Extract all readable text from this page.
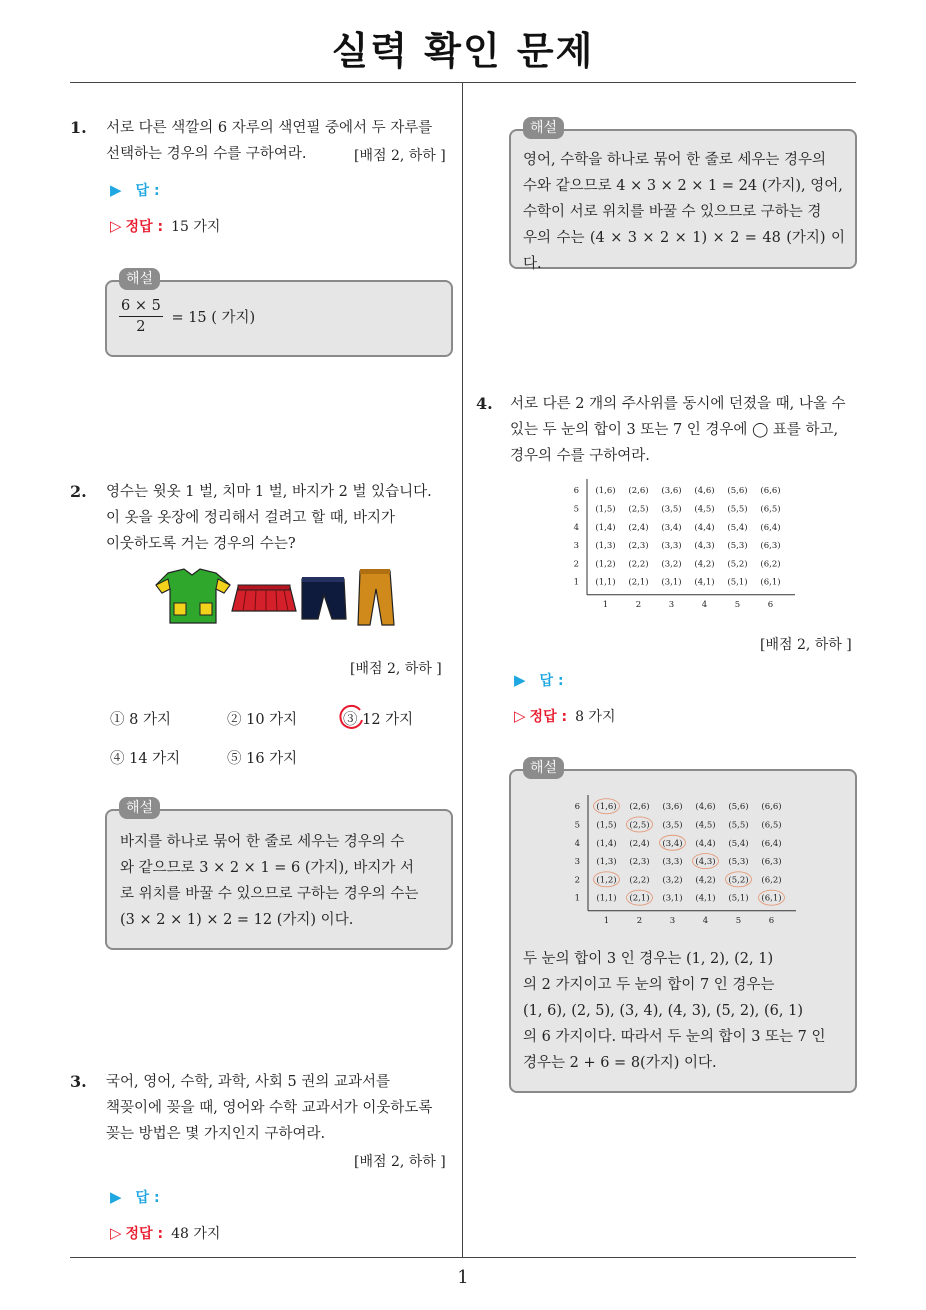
실력 확인 문제
1
1. 서로 다른 색깔의 6 자루의 색연필 중에서 두 자루를
선택하는 경우의 수를 구하여라.	[배점 2, 하하 ]
▶ 답 :
▷ 정답 : 15 가지
$\frac{6 \times 5}{2} = 15$ ( 가지)
해설
2. 영수는 윗옷 1 벌, 치마 1 벌, 바지가 2 벌 있습니다.
이 옷을 옷장에 정리해서 걸려고 할 때, 바지가
이웃하도록 거는 경우의 수는?
[배점 2, 하하 ]
① 8 가지	② 10 가지	③ 12 가지
④ 14 가지	⑤ 16 가지
바지를 하나로 묶어 한 줄로 세우는 경우의 수
와 같으므로 3 × 2 × 1 = 6 (가지), 바지가 서
로 위치를 바꿀 수 있으므로 구하는 경우의 수는
(3 × 2 × 1) × 2 = 12 (가지) 이다.
해설
3. 국어, 영어, 수학, 과학, 사회 5 권의 교과서를
책꽂이에 꽂을 때, 영어와 수학 교과서가 이웃하도록
꽂는 방법은 몇 가지인지 구하여라.
[배점 2, 하하 ]
▶ 답 :
▷ 정답 : 48 가지
영어, 수학을 하나로 묶어 한 줄로 세우는 경우의
수와 같으므로 4 × 3 × 2 × 1 = 24 (가지), 영어,
수학이 서로 위치를 바꿀 수 있으므로 구하는 경
우의 수는 (4 × 3 × 2 × 1) × 2 = 48 (가지) 이다.
해설
4. 서로 다른 2 개의 주사위를 동시에 던졌을 때, 나올 수
있는 두 눈의 합이 3 또는 7 인 경우에 ◯ 표를 하고,
경우의 수를 구하여라.
6 (1,6) (2,6) (3,6) (4,6) (5,6) (6,6)
5 (1,5) (2,5) (3,5) (4,5) (5,5) (6,5)
4 (1,4) (2,4) (3,4) (4,4) (5,4) (6,4)
3 (1,3) (2,3) (3,3) (4,3) (5,3) (6,3)
2 (1,2) (2,2) (3,2) (4,2) (5,2) (6,2)
1 (1,1) (2,1) (3,1) (4,1) (5,1) (6,1)
1	2	3	4	5	6
[배점 2, 하하 ]
▶ 답 :
▷ 정답 : 8 가지
6 (1,6) (2,6) (3,6) (4,6) (5,6) (6,6)
5 (1,5) (2,5) (3,5) (4,5) (5,5) (6,5)
4 (1,4) (2,4) (3,4) (4,4) (5,4) (6,4)
3 (1,3) (2,3) (3,3) (4,3) (5,3) (6,3)
2 (1,2) (2,2) (3,2) (4,2) (5,2) (6,2)
1 (1,1) (2,1) (3,1) (4,1) (5,1) (6,1)
1	2	3	4	5	6
두 눈의 합이 3 인 경우는 (1, 2), (2, 1)
의 2 가지이고 두 눈의 합이 7 인 경우는
(1, 6), (2, 5), (3, 4), (4, 3), (5, 2), (6, 1)
의 6 가지이다. 따라서 두 눈의 합이 3 또는 7 인
경우는 2 + 6 = 8(가지) 이다.
해설
